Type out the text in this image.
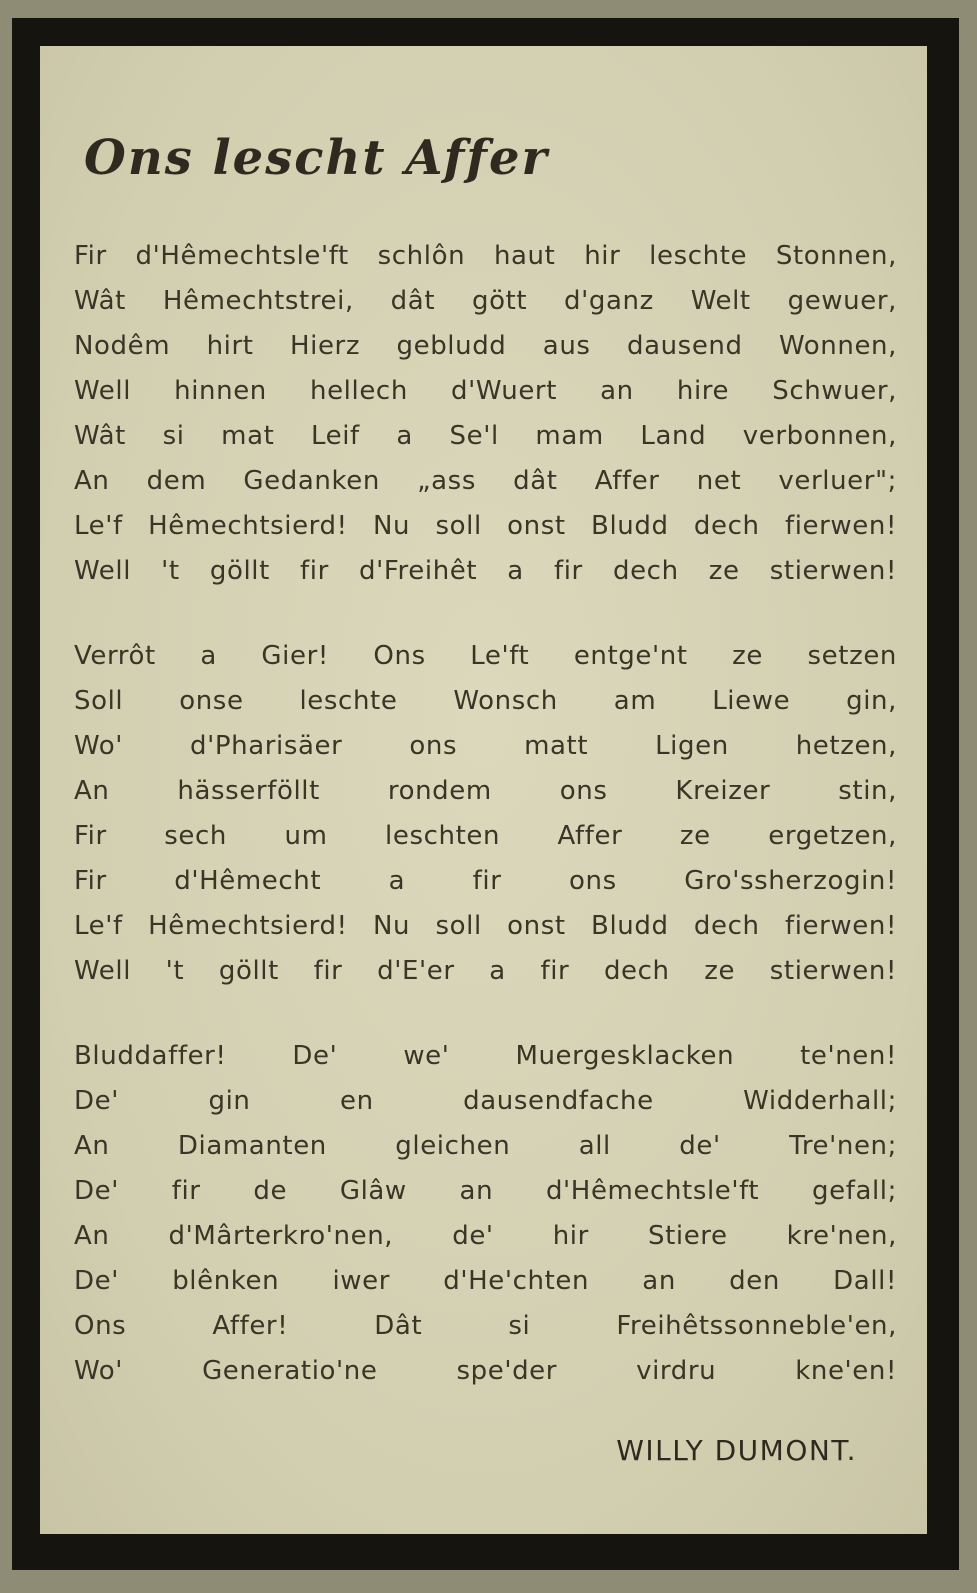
Ons lescht Affer
Fir d'Hêmechtsle'ft schlôn haut hir leschte Stonnen,
Wât Hêmechtstrei, dât gött d'ganz Welt gewuer,
Nodêm hirt Hierz gebludd aus dausend Wonnen,
Well hinnen hellech d'Wuert an hire Schwuer,
Wât si mat Leif a Se'l mam Land verbonnen,
An dem Gedanken „ass dât Affer net verluer";
Le'f Hêmechtsierd! Nu soll onst Bludd dech fierwen!
Well 't göllt fir d'Freihêt a fir dech ze stierwen!
Verrôt a Gier! Ons Le'ft entge'nt ze setzen
Soll onse leschte Wonsch am Liewe gin,
Wo' d'Pharisäer ons matt Ligen hetzen,
An hässerföllt rondem ons Kreizer stin,
Fir sech um leschten Affer ze ergetzen,
Fir d'Hêmecht a fir ons Gro'ssherzogin!
Le'f Hêmechtsierd! Nu soll onst Bludd dech fierwen!
Well 't göllt fir d'E'er a fir dech ze stierwen!
Bluddaffer! De' we' Muergesklacken te'nen!
De' gin en dausendfache Widderhall;
An Diamanten gleichen all de' Tre'nen;
De' fir de Glâw an d'Hêmechtsle'ft gefall;
An d'Mârterkro'nen, de' hir Stiere kre'nen,
De' blênken iwer d'He'chten an den Dall!
Ons Affer! Dât si Freihêtssonneble'en,
Wo' Generatio'ne spe'der virdru kne'en!
WILLY DUMONT.
